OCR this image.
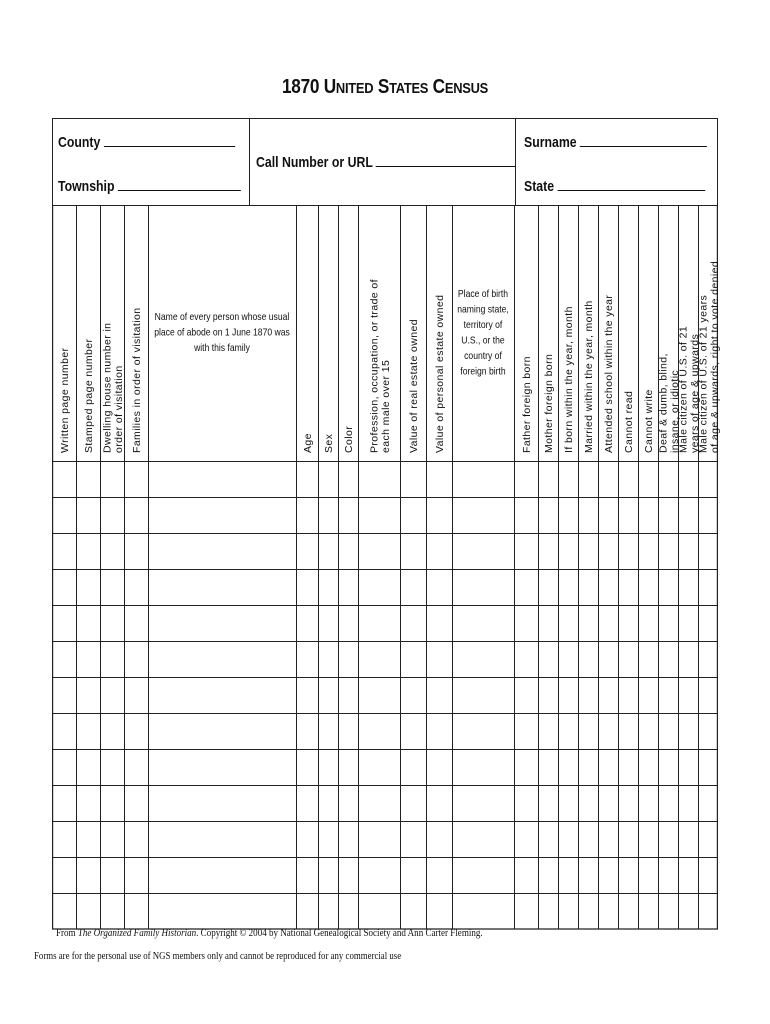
1870 UNITED STATES CENSUS
County
Township
Call Number or URL
Surname
State
Written page number Stamped page number Dwelling house number in order of visitation Families in order of visitation Name of every person whose usual
place of abode on 1 June 1870 was
with this family
Age Sex Color Profession, occupation, or trade of each male over 15 Value of real estate owned Value of personal estate owned
Place of birth
naming state,
territory of
U.S., or the
country of
foreign birth Father foreign born Mother foreign born If born within the year, month Married within the year, month Attended school within the year Cannot read Cannot write Deaf & dumb, blind, insane, or idiotic
Male citizen of U.S. of 21 years of age & upwards
Male citizen of U.S. of 21 years of age & upwards, right to vote denied
From The Organized Family Historian. Copyright © 2004 by National Genealogical Society and Ann Carter Fleming.
Forms are for the personal use of NGS members only and cannot be reproduced for any commercial use
